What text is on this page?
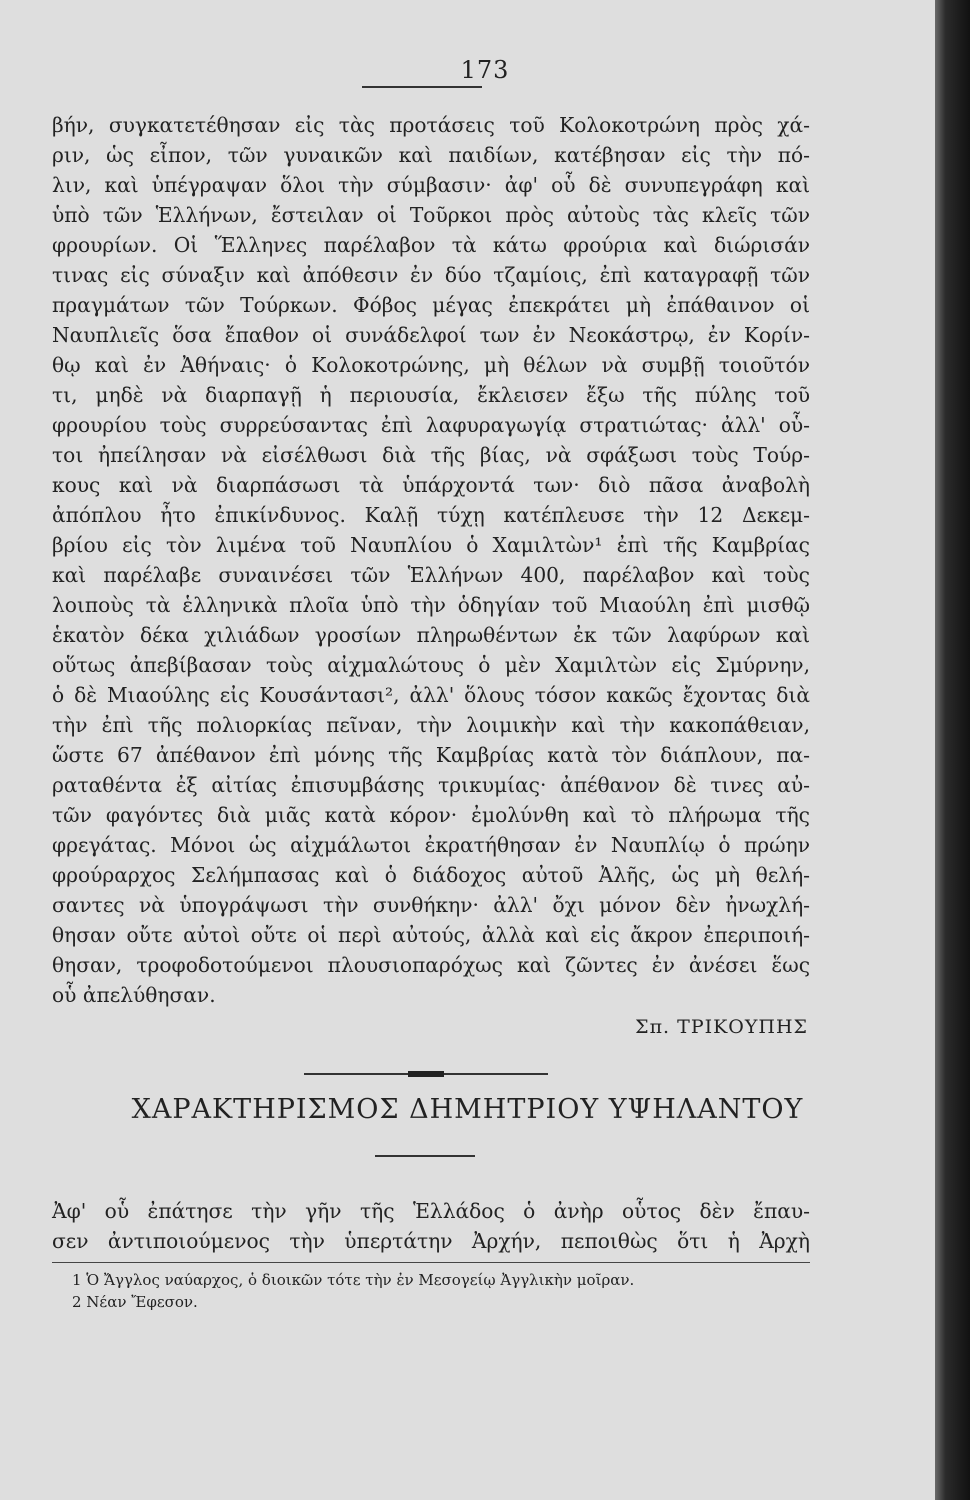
173
βήν, συγκατετέθησαν εἰς τὰς προτάσεις τοῦ Κολοκοτρώνη πρὸς χά-
ριν, ὡς εἶπον, τῶν γυναικῶν καὶ παιδίων, κατέβησαν εἰς τὴν πό-
λιν, καὶ ὑπέγραψαν ὅλοι τὴν σύμβασιν· ἀφ' οὗ δὲ συνυπεγράφη καὶ
ὑπὸ τῶν Ἑλλήνων, ἔστειλαν οἱ Τοῦρκοι πρὸς αὐτοὺς τὰς κλεῖς τῶν
φρουρίων. Οἱ Ἕλληνες παρέλαβον τὰ κάτω φρούρια καὶ διώρισάν
τινας εἰς σύναξιν καὶ ἀπόθεσιν ἐν δύο τζαμίοις, ἐπὶ καταγραφῇ τῶν
πραγμάτων τῶν Τούρκων. Φόβος μέγας ἐπεκράτει μὴ ἐπάθαινον οἱ
Ναυπλιεῖς ὅσα ἔπαθον οἱ συνάδελφοί των ἐν Νεοκάστρῳ, ἐν Κορίν-
θῳ καὶ ἐν Ἀθήναις· ὁ Κολοκοτρώνης, μὴ θέλων νὰ συμβῇ τοιοῦτόν
τι, μηδὲ νὰ διαρπαγῇ ἡ περιουσία, ἔκλεισεν ἔξω τῆς πύλης τοῦ
φρουρίου τοὺς συρρεύσαντας ἐπὶ λαφυραγωγίᾳ στρατιώτας· ἀλλ' οὗ-
τοι ἠπείλησαν νὰ εἰσέλθωσι διὰ τῆς βίας, νὰ σφάξωσι τοὺς Τούρ-
κους καὶ νὰ διαρπάσωσι τὰ ὑπάρχοντά των· διὸ πᾶσα ἀναβολὴ
ἀπόπλου ἦτο ἐπικίνδυνος. Καλῇ τύχῃ κατέπλευσε τὴν 12 Δεκεμ-
βρίου εἰς τὸν λιμένα τοῦ Ναυπλίου ὁ Χαμιλτὼν¹ ἐπὶ τῆς Καμβρίας
καὶ παρέλαβε συναινέσει τῶν Ἑλλήνων 400, παρέλαβον καὶ τοὺς
λοιποὺς τὰ ἑλληνικὰ πλοῖα ὑπὸ τὴν ὁδηγίαν τοῦ Μιαούλη ἐπὶ μισθῷ
ἑκατὸν δέκα χιλιάδων γροσίων πληρωθέντων ἐκ τῶν λαφύρων καὶ
οὕτως ἀπεβίβασαν τοὺς αἰχμαλώτους ὁ μὲν Χαμιλτὼν εἰς Σμύρνην,
ὁ δὲ Μιαούλης εἰς Κουσάντασι², ἀλλ' ὅλους τόσον κακῶς ἔχοντας διὰ
τὴν ἐπὶ τῆς πολιορκίας πεῖναν, τὴν λοιμικὴν καὶ τὴν κακοπάθειαν,
ὥστε 67 ἀπέθανον ἐπὶ μόνης τῆς Καμβρίας κατὰ τὸν διάπλουν, πα-
ραταθέντα ἐξ αἰτίας ἐπισυμβάσης τρικυμίας· ἀπέθανον δὲ τινες αὐ-
τῶν φαγόντες διὰ μιᾶς κατὰ κόρον· ἐμολύνθη καὶ τὸ πλήρωμα τῆς
φρεγάτας. Μόνοι ὡς αἰχμάλωτοι ἐκρατήθησαν ἐν Ναυπλίῳ ὁ πρώην
φρούραρχος Σελήμπασας καὶ ὁ διάδοχος αὐτοῦ Ἀλῆς, ὡς μὴ θελή-
σαντες νὰ ὑπογράψωσι τὴν συνθήκην· ἀλλ' ὄχι μόνον δὲν ἠνωχλή-
θησαν οὔτε αὐτοὶ οὔτε οἱ περὶ αὐτούς, ἀλλὰ καὶ εἰς ἄκρον ἐπεριποιή-
θησαν, τροφοδοτούμενοι πλουσιοπαρόχως καὶ ζῶντες ἐν ἀνέσει ἕως
οὗ ἀπελύθησαν.
Σπ. ΤΡΙΚΟΥΠΗΣ
ΧΑΡΑΚΤΗΡΙΣΜΟΣ ΔΗΜΗΤΡΙΟΥ ΥΨΗΛΑΝΤΟΥ
Ἀφ' οὗ ἐπάτησε τὴν γῆν τῆς Ἑλλάδος ὁ ἀνὴρ οὗτος δὲν ἔπαυ-
σεν ἀντιποιούμενος τὴν ὑπερτάτην Ἀρχήν, πεποιθὼς ὅτι ἡ Ἀρχὴ
1 Ὁ Ἄγγλος ναύαρχος, ὁ διοικῶν τότε τὴν ἐν Μεσογείῳ Ἀγγλικὴν μοῖραν.
2 Νέαν Ἔφεσον.
